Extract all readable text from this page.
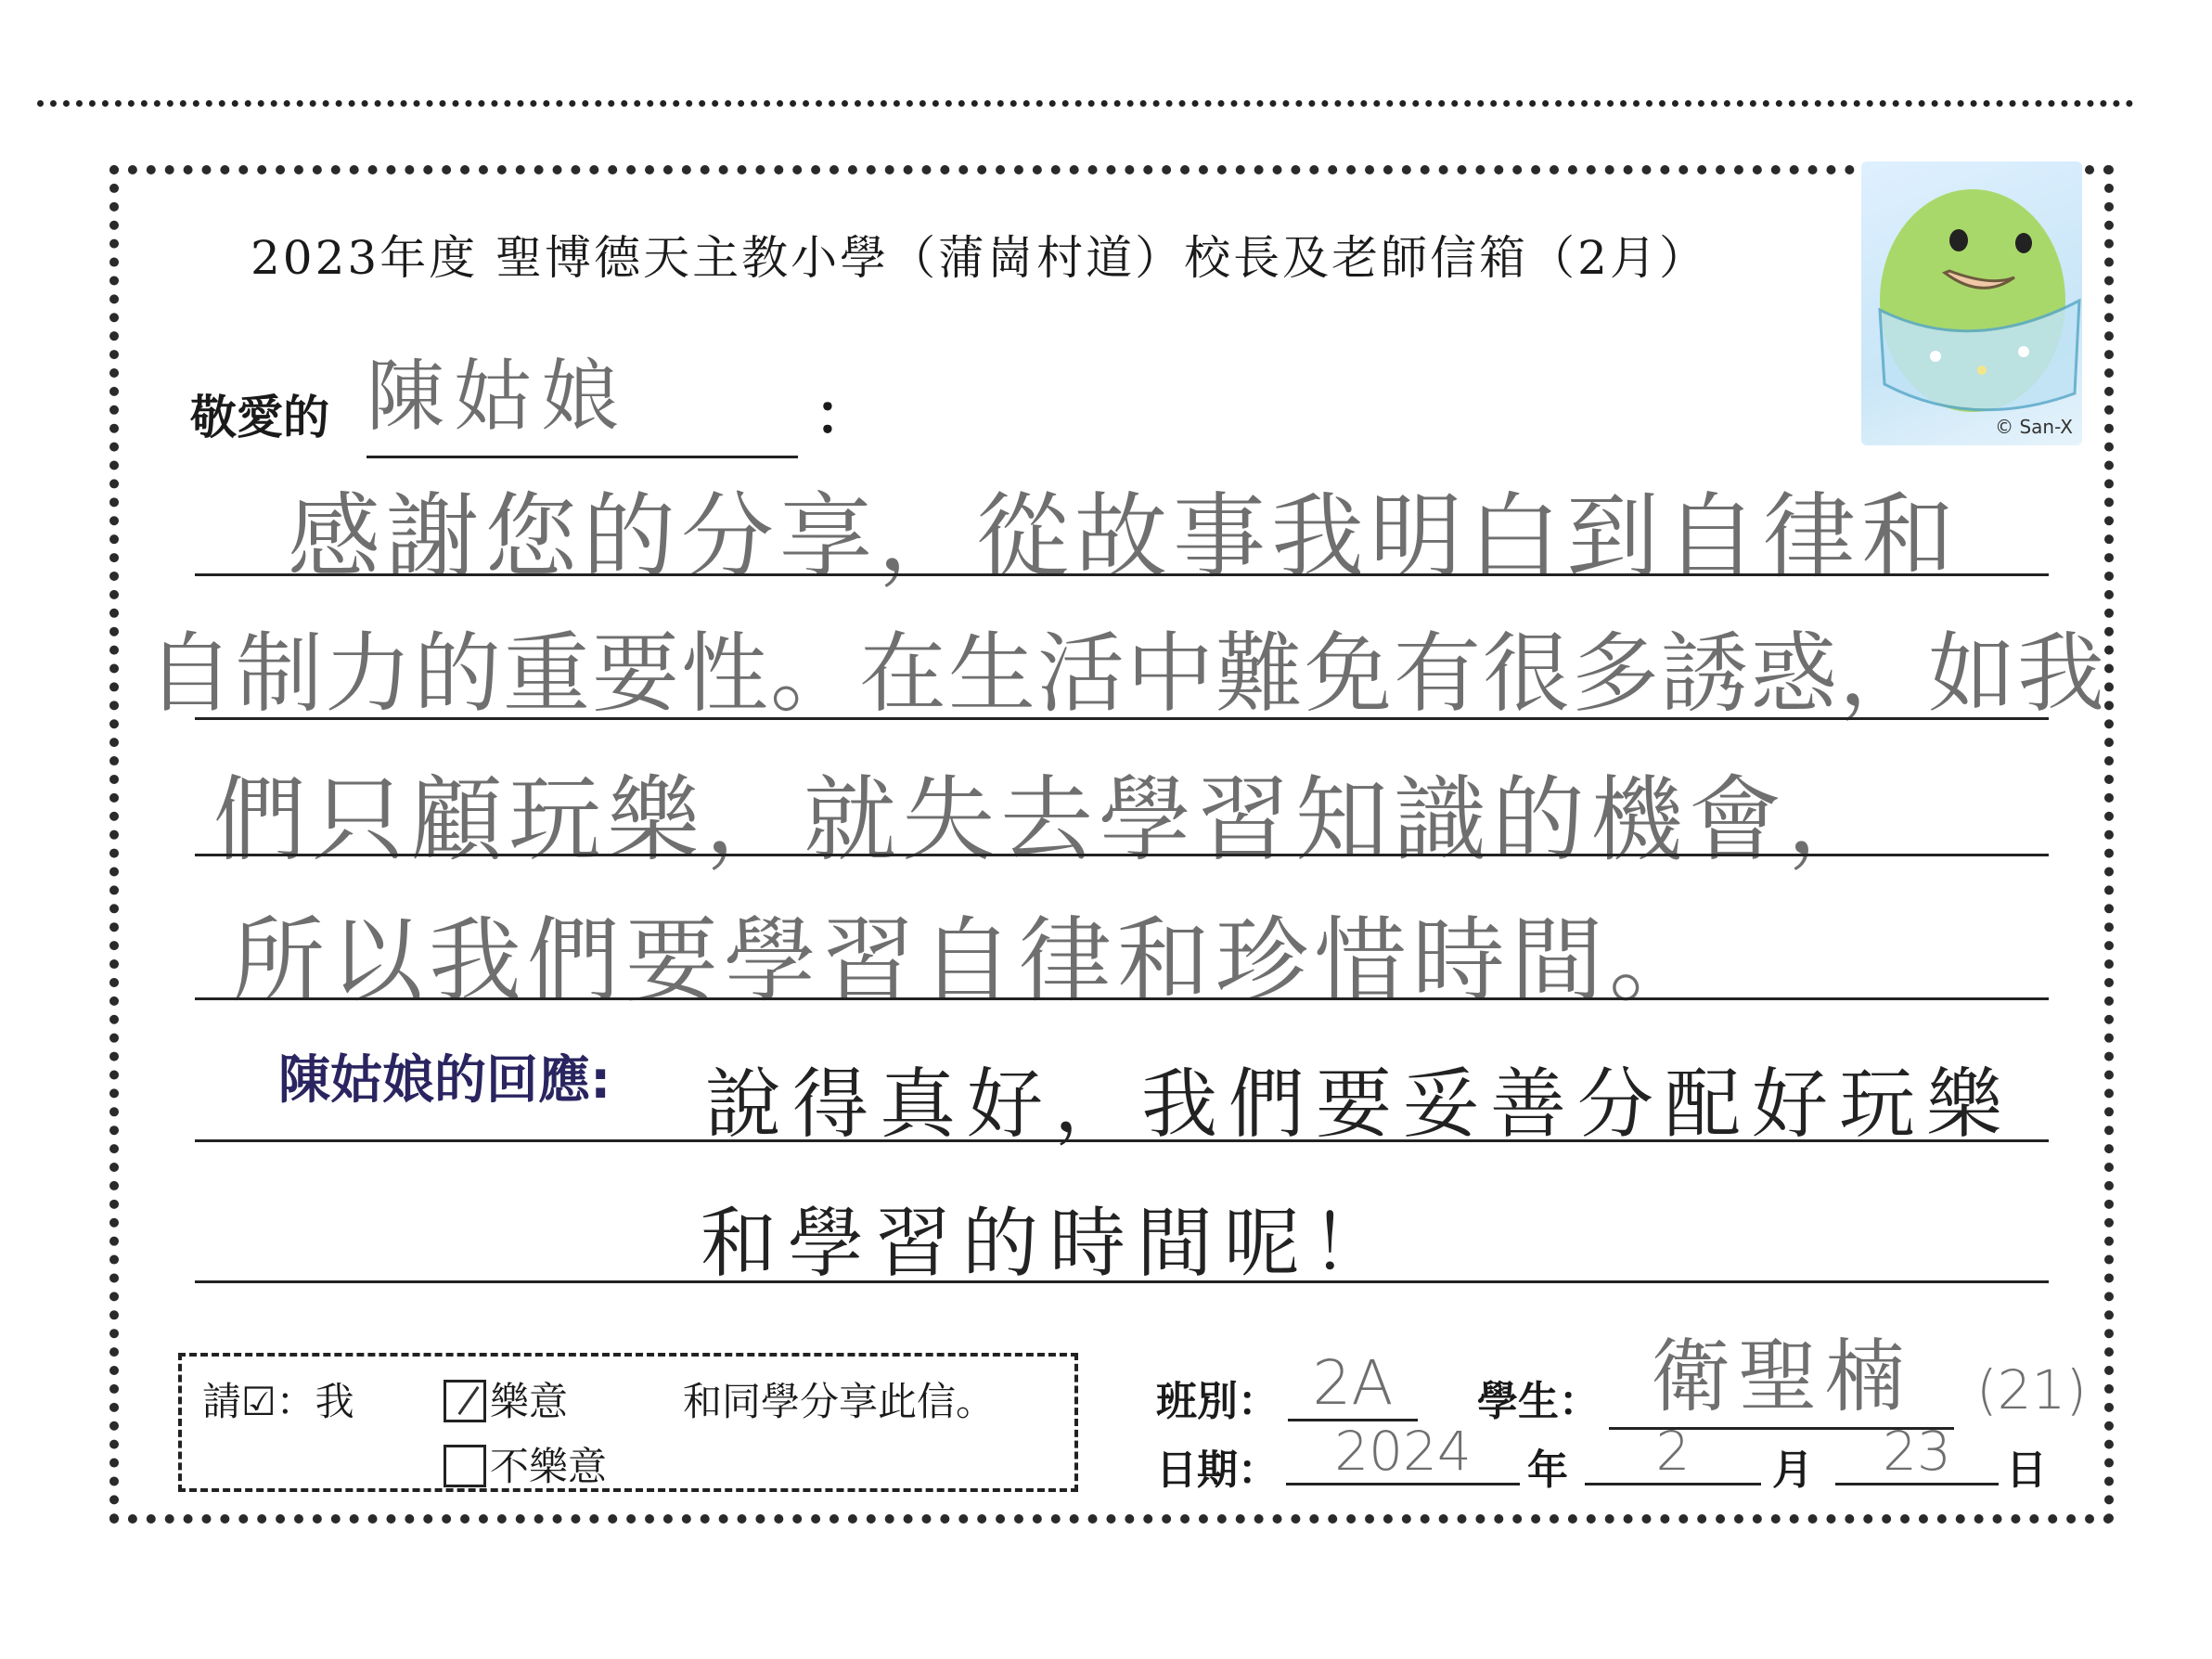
2023年度 聖博德天主教小學（蒲崗村道）校長及老師信箱（2月）
© San-X
敬愛的 陳姑娘	：
感謝您的分享，從故事我明白到自律和
自制力的重要性。在生活中難免有很多誘惑，如我
們只顧玩樂，就失去學習知識的機會，
所以我們要學習自律和珍惜時間。
陳姑娘的回應: 說得真好，我們要妥善分配好玩樂
和學習的時間呢！
請☑：我	樂意	和同學分享此信。
不樂意
班別： 2A	學生： 衛聖楠	(21)
日期：	2024	年	2	月	23	日
